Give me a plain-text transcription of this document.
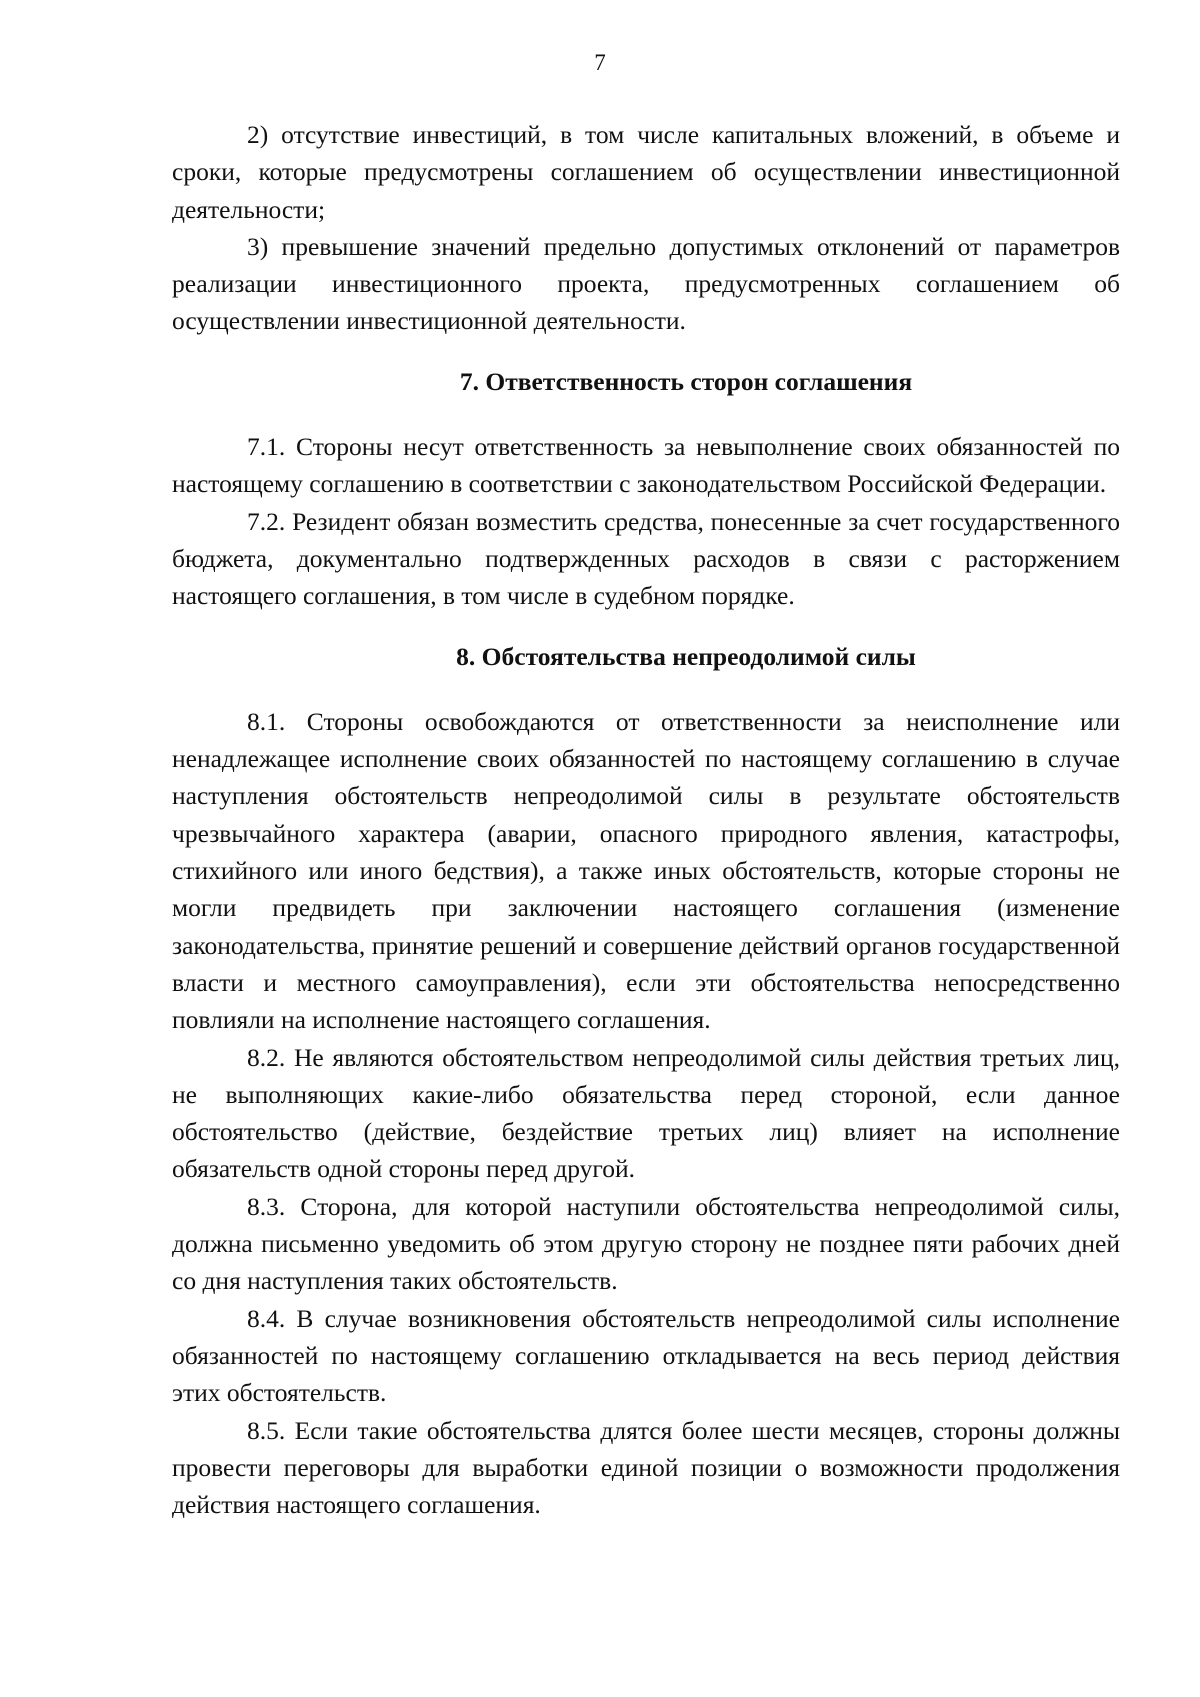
7

2) отсутствие инвестиций, в том числе капитальных вложений, в объеме и сроки, которые предусмотрены соглашением об осуществлении инвестиционной деятельности;

3) превышение значений предельно допустимых отклонений от параметров реализации инвестиционного проекта, предусмотренных соглашением об осуществлении инвестиционной деятельности.

7. Ответственность сторон соглашения

7.1. Стороны несут ответственность за невыполнение своих обязанностей по настоящему соглашению в соответствии с законодательством Российской Федерации.

7.2. Резидент обязан возместить средства, понесенные за счет государственного бюджета, документально подтвержденных расходов в связи с расторжением настоящего соглашения, в том числе в судебном порядке.

8. Обстоятельства непреодолимой силы

8.1. Стороны освобождаются от ответственности за неисполнение или ненадлежащее исполнение своих обязанностей по настоящему соглашению в случае наступления обстоятельств непреодолимой силы в результате обстоятельств чрезвычайного характера (аварии, опасного природного явления, катастрофы, стихийного или иного бедствия), а также иных обстоятельств, которые стороны не могли предвидеть при заключении настоящего соглашения (изменение законодательства, принятие решений и совершение действий органов государственной власти и местного самоуправления), если эти обстоятельства непосредственно повлияли на исполнение настоящего соглашения.

8.2. Не являются обстоятельством непреодолимой силы действия третьих лиц, не выполняющих какие-либо обязательства перед стороной, если данное обстоятельство (действие, бездействие третьих лиц) влияет на исполнение обязательств одной стороны перед другой.

8.3. Сторона, для которой наступили обстоятельства непреодолимой силы, должна письменно уведомить об этом другую сторону не позднее пяти рабочих дней со дня наступления таких обстоятельств.

8.4. В случае возникновения обстоятельств непреодолимой силы исполнение обязанностей по настоящему соглашению откладывается на весь период действия этих обстоятельств.

8.5. Если такие обстоятельства длятся более шести месяцев, стороны должны провести переговоры для выработки единой позиции о возможности продолжения действия настоящего соглашения.
